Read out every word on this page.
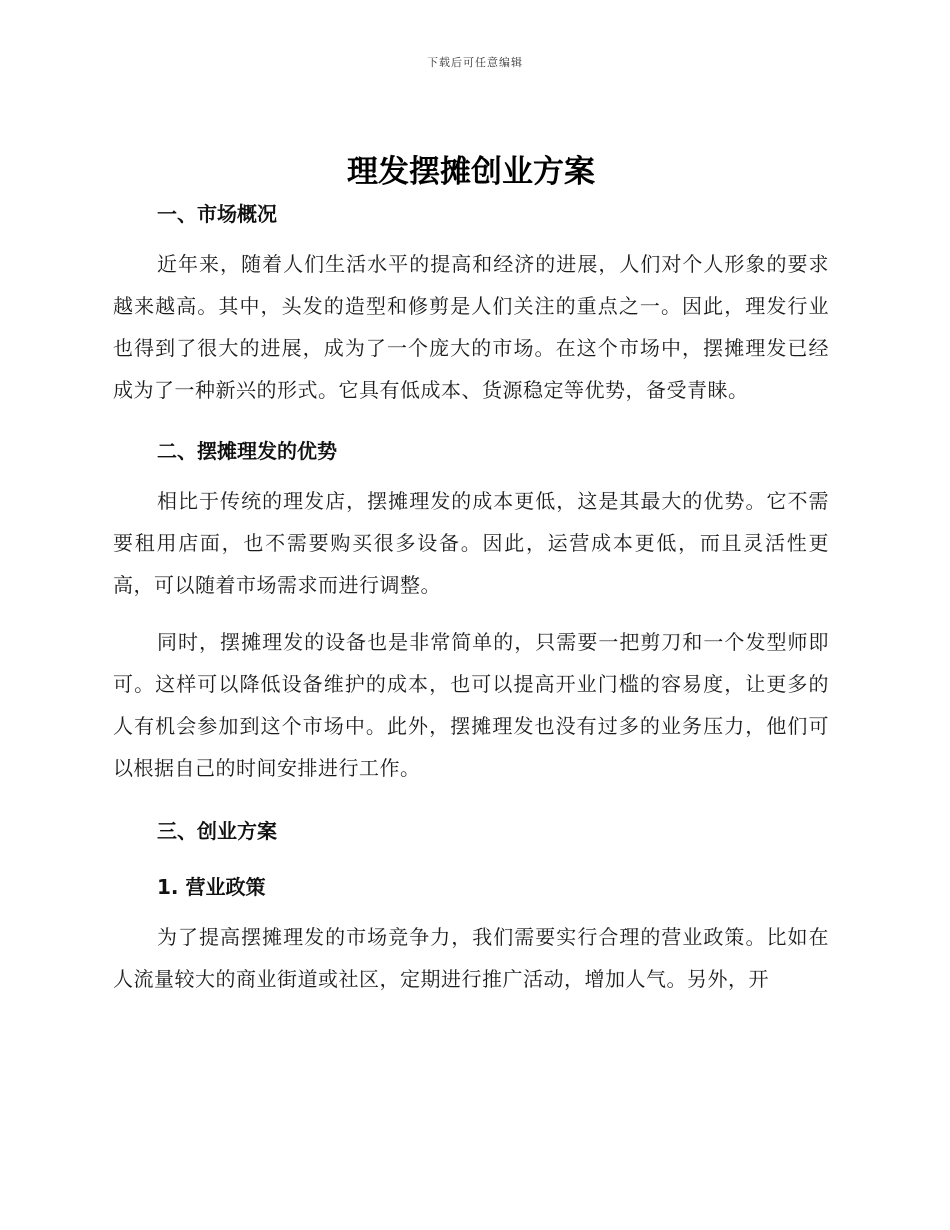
下载后可任意编辑
理发摆摊创业方案
一、市场概况

近年来，随着人们生活水平的提高和经济的进展，人们对个人形象的要求越来越高。其中，头发的造型和修剪是人们关注的重点之一。因此，理发行业也得到了很大的进展，成为了一个庞大的市场。在这个市场中，摆摊理发已经成为了一种新兴的形式。它具有低成本、货源稳定等优势，备受青睐。

二、摆摊理发的优势

相比于传统的理发店，摆摊理发的成本更低，这是其最大的优势。它不需要租用店面，也不需要购买很多设备。因此，运营成本更低，而且灵活性更高，可以随着市场需求而进行调整。

同时，摆摊理发的设备也是非常简单的，只需要一把剪刀和一个发型师即可。这样可以降低设备维护的成本，也可以提高开业门槛的容易度，让更多的人有机会参加到这个市场中。此外，摆摊理发也没有过多的业务压力，他们可以根据自己的时间安排进行工作。

三、创业方案
1. 营业政策

为了提高摆摊理发的市场竞争力，我们需要实行合理的营业政策。比如在人流量较大的商业街道或社区，定期进行推广活动，增加人气。另外，开
